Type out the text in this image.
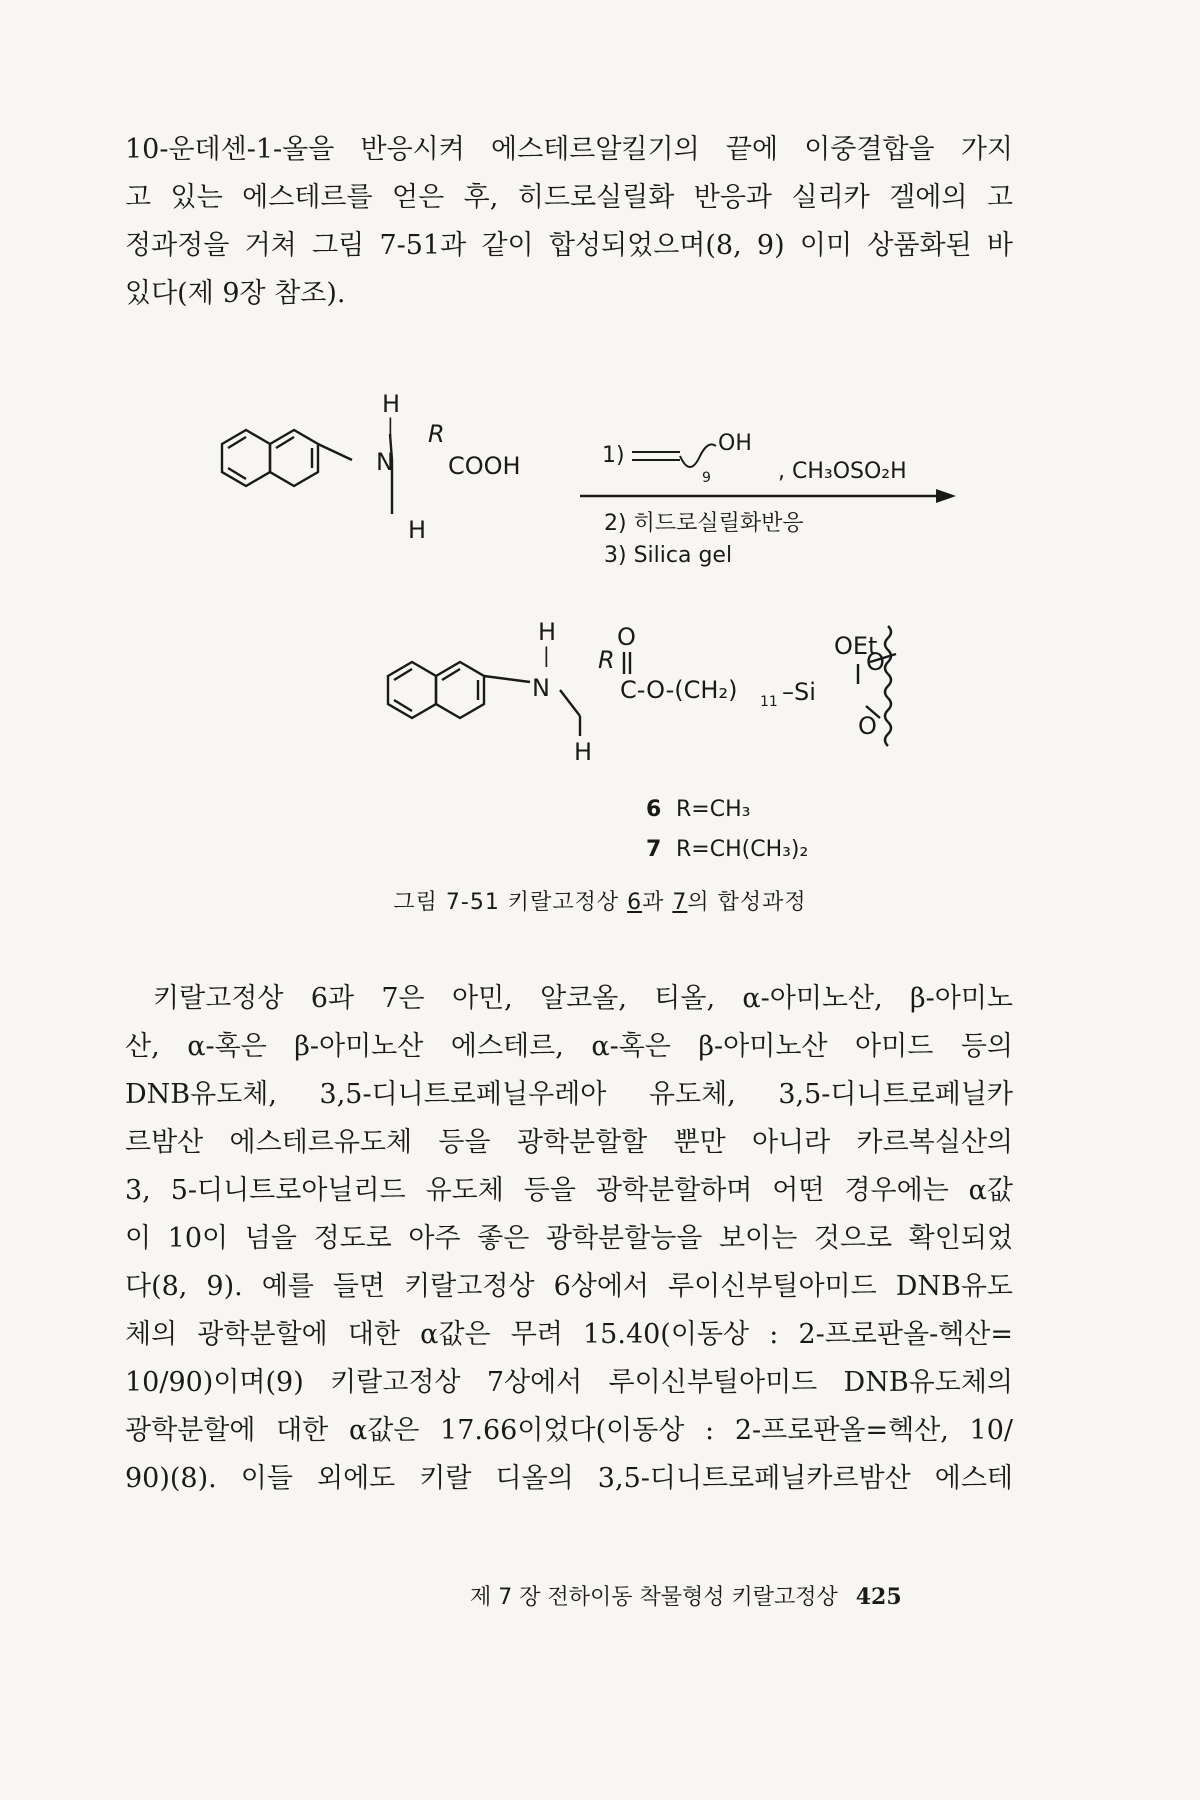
10-운데센-1-올을 반응시켜 에스테르알킬기의 끝에 이중결합을 가지
고 있는 에스테르를 얻은 후, 히드로실릴화 반응과 실리카 겔에의 고
정과정을 거쳐 그림 7-51과 같이 합성되었으며(8, 9) 이미 상품화된 바
있다(제 9장 참조).

H
|
N
R
COOH
H
1)	OH
9	, CH₃OSO₂H
2) 히드로실릴화반응
3) Silica gel
H
|
N
R
O
C-O-(CH₂) 11 –Si
OEt
O
O
H
6 R=CH₃
7 R=CH(CH₃)₂
그림 7-51 키랄고정상 6과 7의 합성과정

키랄고정상 6과 7은 아민, 알코올, 티올, α-아미노산, β-아미노
산, α-혹은 β-아미노산 에스테르, α-혹은 β-아미노산 아미드 등의
DNB유도체, 3,5-디니트로페닐우레아 유도체, 3,5-디니트로페닐카
르밤산 에스테르유도체 등을 광학분할할 뿐만 아니라 카르복실산의
3, 5-디니트로아닐리드 유도체 등을 광학분할하며 어떤 경우에는 α값
이 10이 넘을 정도로 아주 좋은 광학분할능을 보이는 것으로 확인되었
다(8, 9). 예를 들면 키랄고정상 6상에서 루이신부틸아미드 DNB유도
체의 광학분할에 대한 α값은 무려 15.40(이동상 : 2-프로판올-헥산=
10/90)이며(9) 키랄고정상 7상에서 루이신부틸아미드 DNB유도체의
광학분할에 대한 α값은 17.66이었다(이동상 : 2-프로판올=헥산, 10/
90)(8). 이들 외에도 키랄 디올의 3,5-디니트로페닐카르밤산 에스테

제 7 장 전하이동 착물형성 키랄고정상 425
